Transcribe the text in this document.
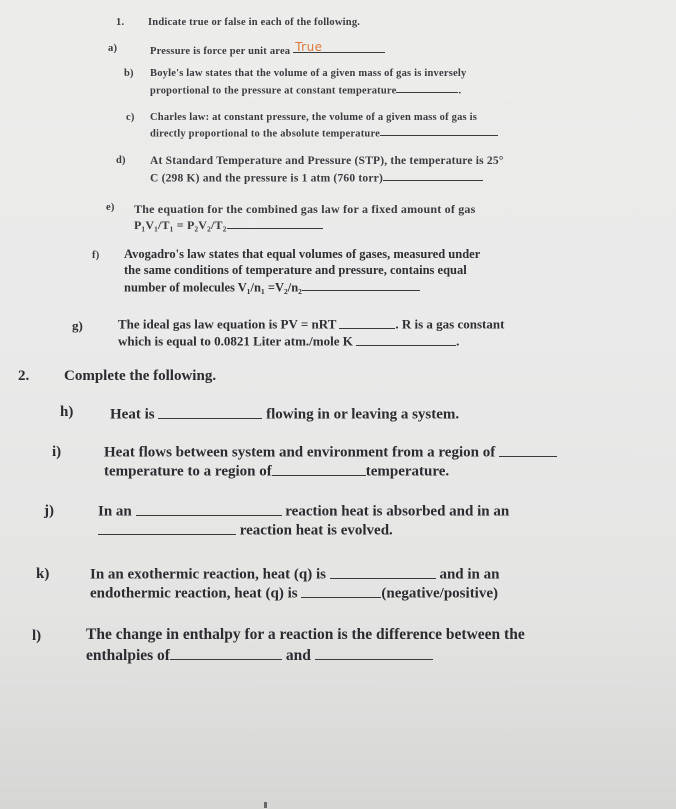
1. Indicate true or false in each of the following.
a)	Pressure is force per unit area True
b) Boyle's law states that the volume of a given mass of gas is inversely
proportional to the pressure at constant temperature	.
c) Charles law: at constant pressure, the volume of a given mass of gas is
directly proportional to the absolute temperature
d) At Standard Temperature and Pressure (STP), the temperature is 25°
C (298 K) and the pressure is 1 atm (760 torr)
e) The equation for the combined gas law for a fixed amount of gas
P₁V₁/T₁ = P₂V₂/T₂
f) Avogadro's law states that equal volumes of gases, measured under
the same conditions of temperature and pressure, contains equal
number of molecules V₁/n₁ =V₂/n₂
g)	The ideal gas law equation is PV = nRT	. R is a gas constant
which is equal to 0.0821 Liter atm./mole K	.
2. Complete the following.
h) Heat is	flowing in or leaving a system.
i)	Heat flows between system and environment from a region of
temperature to a region of	temperature.
j)	In an	reaction heat is absorbed and in an
reaction heat is evolved.
k)	In an exothermic reaction, heat (q) is	and in an
endothermic reaction, heat (q) is	(negative/positive)
l)	The change in enthalpy for a reaction is the difference between the
enthalpies of	and
